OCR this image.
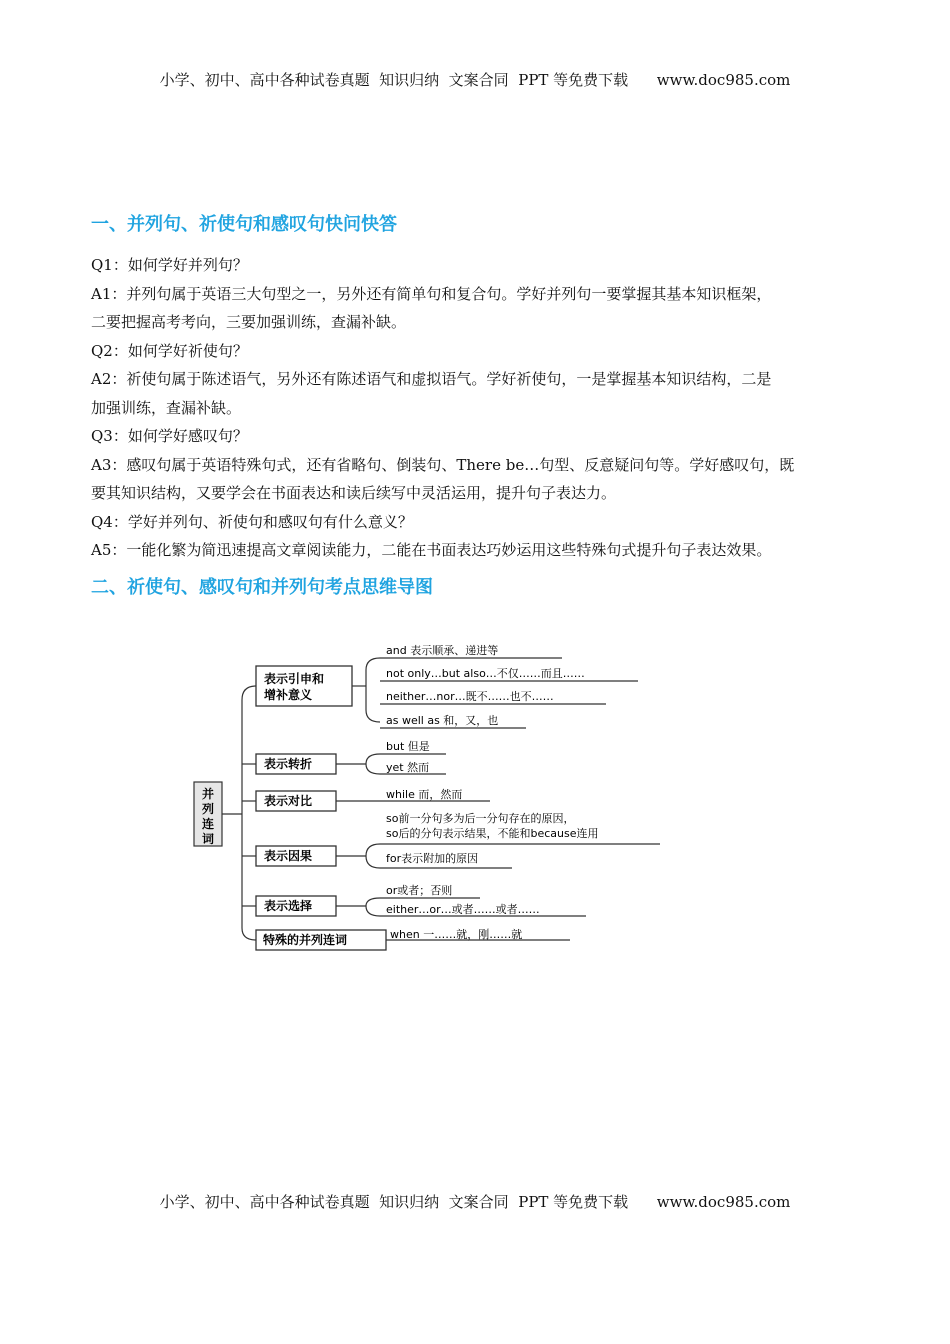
小学、初中、高中各种试卷真题  知识归纳  文案合同  PPT 等免费下载      www.doc985.com
一、并列句、祈使句和感叹句快问快答

Q1：如何学好并列句？

A1：并列句属于英语三大句型之一，另外还有简单句和复合句。学好并列句一要掌握其基本知识框架，

二要把握高考考向，三要加强训练，查漏补缺。

Q2：如何学好祈使句？

A2：祈使句属于陈述语气，另外还有陈述语气和虚拟语气。学好祈使句，一是掌握基本知识结构，二是

加强训练，查漏补缺。

Q3：如何学好感叹句？

A3：感叹句属于英语特殊句式，还有省略句、倒装句、There be…句型、反意疑问句等。学好感叹句，既

要其知识结构，又要学会在书面表达和读后续写中灵活运用，提升句子表达力。

Q4：学好并列句、祈使句和感叹句有什么意义？

A5：一能化繁为简迅速提高文章阅读能力，二能在书面表达巧妙运用这些特殊句式提升句子表达效果。

二、祈使句、感叹句和并列句考点思维导图
并
列
连
词
表示引申和
增补意义
表示转折
表示对比
表示因果
表示选择
特殊的并列连词
and 表示顺承、递进等
not only…but also…不仅……而且……
neither…nor…既不……也不……
as well as 和，又，也
but 但是
yet 然而
while 而，然而
so前一分句多为后一分句存在的原因，
so后的分句表示结果，不能和because连用
for表示附加的原因
or或者；否则
either…or…或者……或者……
when 一……就，刚……就
小学、初中、高中各种试卷真题  知识归纳  文案合同  PPT 等免费下载      www.doc985.com
